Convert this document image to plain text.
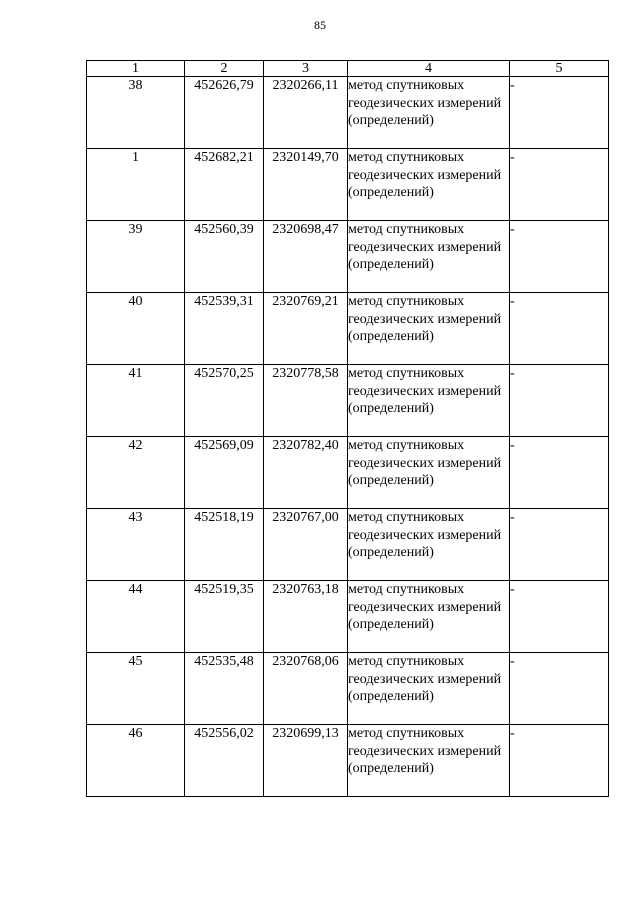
85
1	2	3	4	5
38	452626,79	2320266,11	метод спутниковых геодезических измерений (определений)	-
1	452682,21	2320149,70	метод спутниковых геодезических измерений (определений)	-
39	452560,39	2320698,47	метод спутниковых геодезических измерений (определений)	-
40	452539,31	2320769,21	метод спутниковых геодезических измерений (определений)	-
41	452570,25	2320778,58	метод спутниковых геодезических измерений (определений)	-
42	452569,09	2320782,40	метод спутниковых геодезических измерений (определений)	-
43	452518,19	2320767,00	метод спутниковых геодезических измерений (определений)	-
44	452519,35	2320763,18	метод спутниковых геодезических измерений (определений)	-
45	452535,48	2320768,06	метод спутниковых геодезических измерений (определений)	-
46	452556,02	2320699,13	метод спутниковых геодезических измерений (определений)	-
